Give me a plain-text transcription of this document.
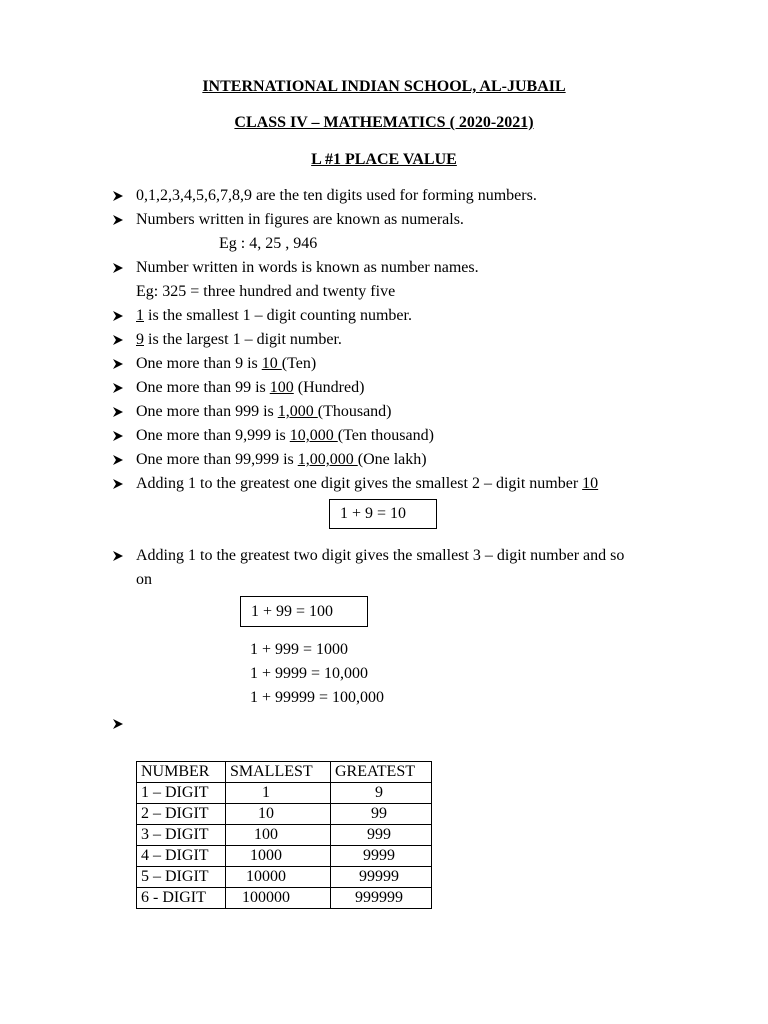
INTERNATIONAL INDIAN SCHOOL, AL-JUBAIL
CLASS IV – MATHEMATICS ( 2020-2021)
L #1 PLACE VALUE
0,1,2,3,4,5,6,7,8,9 are the ten digits used for forming numbers.
Numbers written in figures are known as numerals.
Eg : 4, 25 , 946
Number written in words is known as number names.
Eg: 325 = three hundred and twenty five
1 is the smallest 1 – digit counting number.
9 is the largest 1 – digit number.
One more than 9 is 10 (Ten)
One more than 99 is 100 (Hundred)
One more than 999 is 1,000 (Thousand)
One more than 9,999 is 10,000 (Ten thousand)
One more than 99,999 is 1,00,000 (One lakh)
Adding 1 to the greatest one digit gives the smallest 2 – digit number 10
1 + 9 = 10
Adding 1 to the greatest two digit gives the smallest 3 – digit number and so
on
1 + 99 = 100
1 + 999 = 1000
1 + 9999 = 10,000
1 + 99999 = 100,000
NUMBER	SMALLEST	GREATEST
1 – DIGIT	1	9
2 – DIGIT	10	99
3 – DIGIT	100	999
4 – DIGIT	1000	9999
5 – DIGIT	10000	99999
6 - DIGIT	100000	999999
